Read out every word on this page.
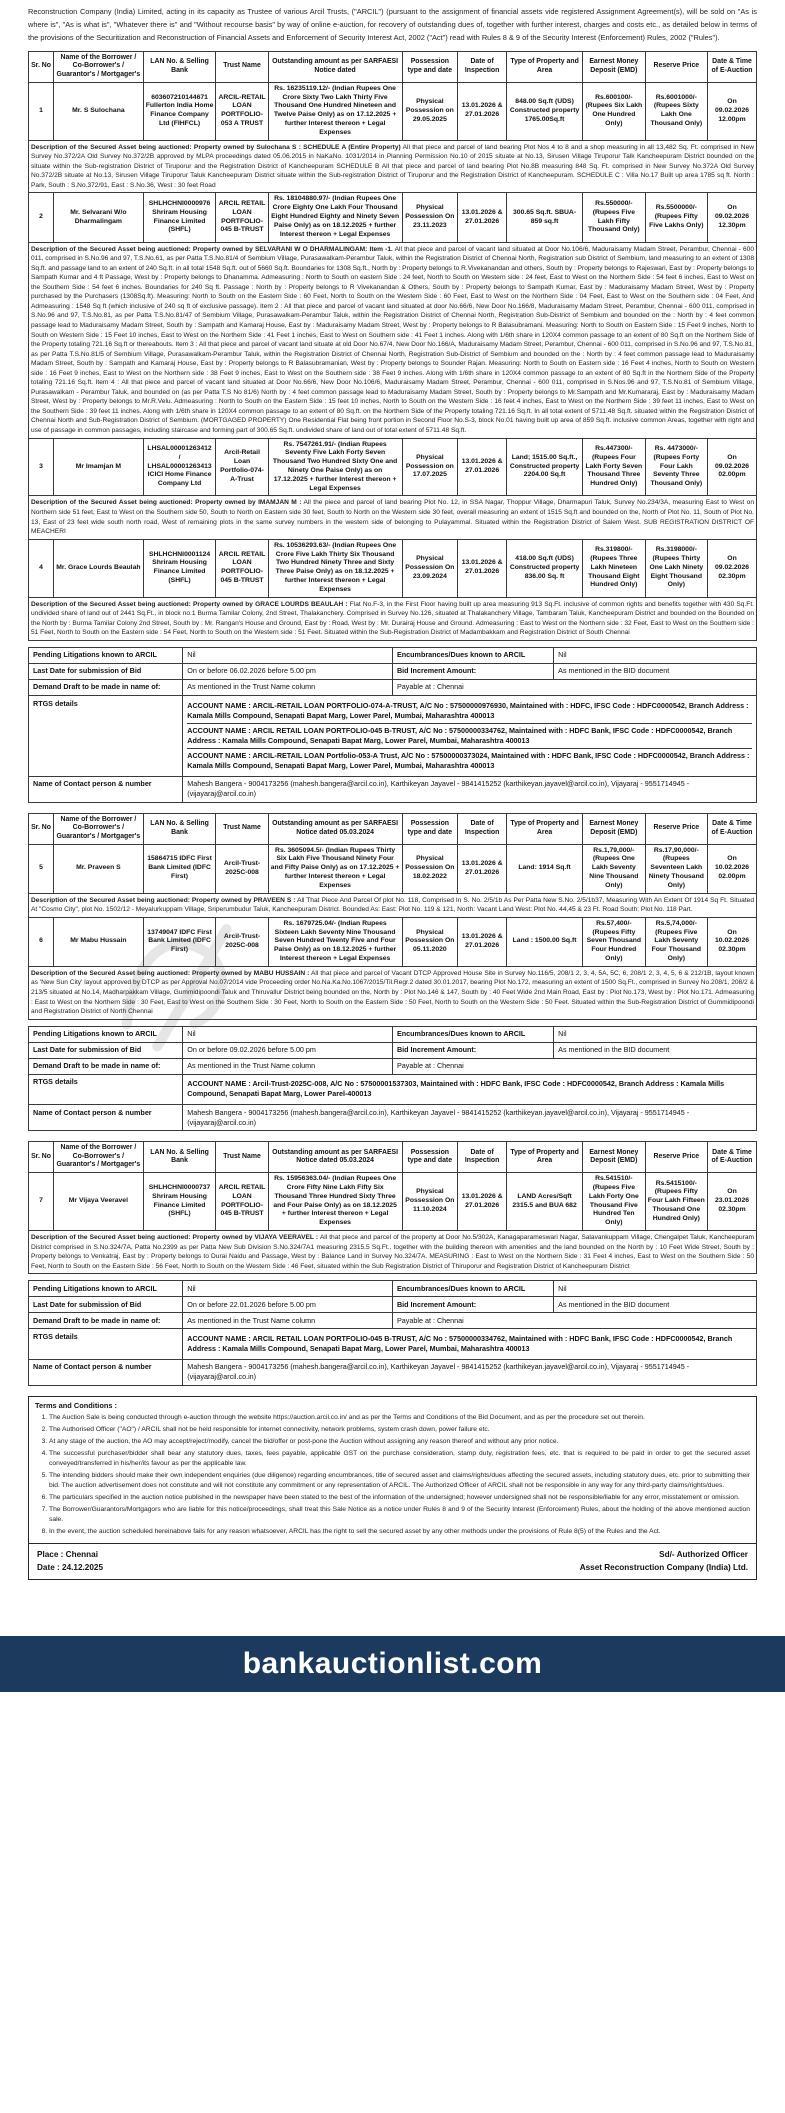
Reconstruction Company (India) Limited, acting in its capacity as Trustee of various Arcil Trusts, ("ARCIL") (pursuant to the assignment of financial assets vide registered Assignment Agreement(s), will be sold on "As is where is", "As is what is", "Whatever there is" and "Without recourse basis" by way of online e-auction, for recovery of outstanding dues of, together with further interest, charges and costs etc., as detailed below in terms of the provisions of the Securitization and Reconstruction of Financial Assets and Enforcement of Security Interest Act, 2002 ("Act") read with Rules 8 & 9 of the Security Interest (Enforcement) Rules, 2002 ("Rules").

Sr. No	Name of the Borrower / Co-Borrower's / Guarantor's / Mortgager's	LAN No. & Selling Bank	Trust Name	Outstanding amount as per SARFAESI Notice dated	Possession type and date	Date of Inspection	Type of Property and Area	Earnest Money Deposit (EMD)	Reserve Price	Date & Time of E-Auction
1	Mr. S Sulochana	603607210144671 Fullerton India Home Finance Company Ltd (FIHFCL)	ARCIL-RETAIL LOAN PORTFOLIO-053 A TRUST	Rs. 16235119.12/- (Indian Rupees One Crore Sixty Two Lakh Thirty Five Thousand One Hundred Nineteen and Twelve Paise Only) as on 17.12.2025 + further Interest thereon + Legal Expenses	Physical Possession on 29.05.2025	13.01.2026 & 27.01.2026	848.00 Sq.ft (UDS) Constructed property 1765.00Sq.ft	Rs.600100/- (Rupees Six Lakh One Hundred Only)	Rs.6001000/- (Rupees Sixty Lakh One Thousand Only)	On 09.02.2026 12.00pm
Description of the Secured Asset being auctioned: Property owned by Sulochana S : SCHEDULE A (Entire Property) All that piece and parcel of land bearing Plot Nos 4 to 8 and a shop measuring in all 13,482 Sq. Ft. comprised in New Survey No.372/2A Old Survey No.372/2B approved by MLPA proceedings dated 05.06.2015 in NaKaNo. 1031/2014 in Planning Permission No.10 of 2015 situate at No.13, Sirusen Village Tiruporur Talk Kancheepuram District bounded on the situate within the Sub-registration District of Tiruporur and the Registration District of Kancheepuram SCHEDULE B All that piece and parcel of land bearing Plot No.8B measuring 848 Sq. Ft. comprised in New Survey No.372A Old Survey No.372/2B situate at No.13, Sirusen Village Tiruporur Taluk Kancheepuram District situate within the Sub-registration District of Tiruporur and the Registration District of Kancheepuram. SCHEDULE C : Villa No.17 Built up area 1785 sq ft. North : Park, South : S.No.372/91, East : S.No.36, West : 30 feet Road										
2	Mr. Selvarani W/o Dharmalingam	SHLHCHNI0000976 Shriram Housing Finance Limited (SHFL)	ARCIL RETAIL LOAN PORTFOLIO-045 B-TRUST	Rs. 18104880.97/- (Indian Rupees One Crore Eighty One Lakh Four Thousand Eight Hundred Eighty and Ninety Seven Paise Only) as on 18.12.2025 + further Interest thereon + Legal Expenses	Physical Possession On 23.11.2023	13.01.2026 & 27.01.2026	300.65 Sq.ft. SBUA-859 sq.ft	Rs.550000/- (Rupees Five Lakh Fifty Thousand Only)	Rs.5500000/- (Rupees Fifty Five Lakhs Only)	On 09.02.2026 12.30pm
Description of the Secured Asset being auctioned: Property owned by SELVARANI W O DHARMALINGAM: Item -1. All that piece and parcel of vacant land situated at Door No.106/6, Maduraisamy Madam Street, Perambur, Chennai - 600 011, comprised in S.No.96 and 97, T.S.No.61, as per Patta T.S.No.81/4 of Sembium Village, Purasawalkam-Perambur Taluk, within the Registration District of Chennai North, Registration sub District of Sembium, land measuring to an extent of 1308 Sq.ft. and passage land to an extent of 240 Sq.ft. in all total 1548 Sq.ft. out of 5660 Sq.ft. Boundaries for 1308 Sq.ft., North by : Property belongs to R.Vivekanandan and others, South by : Property belongs to Rajeswari, East by : Property belongs to Sampath Kumar and 4 ft Passage, West by : Property belongs to Dhanamma. Admeasuring : North to South on eastern Side : 24 feet, North to South on Western side : 24 feet, East to West on the Northern Side : 54 feet 6 inches, East to West on the Southern Side : 54 feet 6 inches. Boundaries for 240 Sq ft. Passage : North by : Property belongs to R Vivekanandan & Others, South by : Property belongs to Sampath Kumar, East by : Maduraisamy Madam Street, West by : Property purchased by the Purchasers (1308Sq.ft). Measuring: North to South on the Eastern Side : 60 Feet, North to South on the Western Side : 60 Feet, East to West on the Northern Side : 04 Feet, East to West on the Southern side : 04 Feet, And Admeasuring : 1548 Sq ft (which inclusive of 240 sq ft of exclusive passage). Item 2 : All that piece and parcel of vacant land situated at door No.66/6, New Door No.166/8, Maduraisamy Madam Street, Perambur, Chennai - 600 011, comprised in S.No.96 and 97, T.S.No.81, as per Patta T.S.No.81/47 of Sembium Village, Purasawalkam-Perambur Taluk, within the Registration District of Chennai North, Registration Sub-District of Sembium and bounded on the : North by : 4 feet common passage lead to Maduraisamy Madam Street, South by : Sampath and Kamaraj House, East by : Maduraisamy Madam Street, West by : Property belongs to R Balasubramani. Measuring: North to South on Eastern Side : 15 Feet 9 inches, North to South on Western Side : 15 Feet 10 inches, East to West on the Northern Side : 41 Feet 1 inches, East to West on Southern side : 41 Feet 1 inches. Along with 1/6th share in 120X4 common passage to an extent of 80 Sq.ft on the Northern Side of the Property totaling 721.16 Sq.ft or thereabouts. Item 3 : All that piece and parcel of vacant land situate at old Door No.67/4, New Door No.166/A, Maduraisamy Madam Street, Perambur, Chennai - 600 011, comprised in S.No.96 and 97, T.S.No.81, as per Patta T.S.No.81/5 of Sembium Village, Purasawalkam-Perambur Taluk, within the Registration District of Chennai North, Registration Sub-District of Sembium and bounded on the : North by : 4 feet common passage lead to Maduraisamy Madam Street, South by : Sampath and Kamaraj House, East by : Property belongs to R Balasubramanian, West by : Property belongs to Sounder Rajan. Measuring: North to South on Eastern side : 16 Feet 4 inches, North to South on Western side : 16 Feet 9 inches, East to West on the Northern side : 38 Feet 9 inches, East to West on the Southern side : 38 Feet 9 inches. Along with 1/6th share in 120X4 common passage to an extent of 80 Sq.ft in the Northern Side of the Property totaling 721.16 Sq.ft. Item 4 : All that piece and parcel of vacant land situated at Door No.66/6, New Door No.106/6, Maduraisamy Madam Street, Perambur, Chennai - 600 011, comprised in S.Nos.96 and 97, T.S.No.81 of Sembium Village, Purasawalkam - Perambur Taluk, and bounded on (as per Patta T.S No 81/6) North by : 4 feet common passage lead to Maduraisamy Madam Street, South by : Property belongs to Mr.Sampath and Mr.Kumararaj, East by : Maduraisamy Madam Street, West by : Property belongs to Mr.R.Velu. Admeasuring : North to South on the Eastern Side : 15 feet 10 inches, North to South on the Western Side : 16 feet 4 inches, East to West on the Northern Side : 39 feet 11 inches, East to West on the Southern Side : 39 feet 11 inches. Along with 1/6th share in 120X4 common passage to an extent of 80 Sq.ft. on the Northern Side of the Property totaling 721.16 Sq.ft. In all total extent of 5711.48 Sq.ft. situated within the Registration District of Chennai North and Sub-Registration District of Sembium. (MORTGAGED PROPERTY) One Residential Flat being front portion in Second Floor No.S-3, block No.01 having built up area of 859 Sq.ft. inclusive common Areas, together with right and use of passage in common passages, including staircase and forming part of 300.65 Sq.ft. undivided share of land out of total extent of 5711.48 Sq.ft.										
3	Mr Imamjan M	LHSAL00001263412 / LHSAL00001263413 ICICI Home Finance Company Ltd	Arcil-Retail Loan Portfolio-074-A-Trust	Rs. 7547261.91/- (Indian Rupees Seventy Five Lakh Forty Seven Thousand Two Hundred Sixty One and Ninety One Paise Only) as on 17.12.2025 + further Interest thereon + Legal Expenses	Physical Possession on 17.07.2025	13.01.2026 & 27.01.2026	Land; 1515.00 Sq.ft., Constructed property 2204.00 Sq.ft	Rs.447300/- (Rupees Four Lakh Forty Seven Thousand Three Hundred Only)	Rs. 4473000/- (Rupees Forty Four Lakh Seventy Three Thousand Only)	On 09.02.2026 02.00pm
Description of the Secured Asset being auctioned: Property owned by IMAMJAN M : All the piece and parcel of land bearing Plot No. 12, in SSA Nagar, Thoppur Village, Dharmapuri Taluk, Survey No.234/3A, measuring East to West on Northern side 51 feet, East to West on the Southern side 50, South to North on Eastern side 30 feet, South to North on the Western side 30 feet, overall measuring an extent of 1515 Sq.ft and bounded on the, North of Plot No. 11, South of Plot No. 13, East of 23 feet wide south north road, West of remaining plots in the same survey numbers in the western side of belonging to Pulayammal. Situated within the Registration District of Salem West. SUB REGISTRATION DISTRICT OF MEACHERI										
4	Mr. Grace Lourds Beaulah	SHLHCHNI0001124 Shriram Housing Finance Limited (SHFL)	ARCIL RETAIL LOAN PORTFOLIO-045 B-TRUST	Rs. 10536293.63/- (Indian Rupees One Crore Five Lakh Thirty Six Thousand Two Hundred Ninety Three and Sixty Three Paise Only) as on 18.12.2025 + further Interest thereon + Legal Expenses	Physical Possession On 23.09.2024	13.01.2026 & 27.01.2026	418.00 Sq.ft (UDS) Constructed property 836.00 Sq. ft	Rs.319800/- (Rupees Three Lakh Nineteen Thousand Eight Hundred Only)	Rs.3198000/- (Rupees Thirty One Lakh Ninety Eight Thousand Only)	On 09.02.2026 02.30pm
Description of the Secured Asset being auctioned: Property owned by GRACE LOURDS BEAULAH : Flat No.F-3, in the First Floor having built up area measuring 913 Sq.Ft. inclusive of common rights and benefits together with 430 Sq.Ft. undivided share of land out of 2441 Sq.Ft., in block no.1 Burma Tamilar Colony, 2nd Street, Thalakanchery. Comprised in Survey No.126, situated at Thalakanchery Village, Tambaram Taluk, Kancheepuram District and bounded on the Bounded on the North by : Burma Tamilar Colony 2nd Street, South by : Mr. Rangan's House and Ground, East by : Road, West by : Mr. Durairaj House and Ground. Admeasuring : East to West on the Northern side : 32 Feet, East to West on the Southern side : 51 Feet, North to South on the Eastern side : 54 Feet, North to South on the Western side : 51 Feet. Situated within the Sub-Registration District of Madambakkam and Registration District of South Chennai										
Pending Litigations known to ARCIL	Nil	Encumbrances/Dues known to ARCIL	Nil
Last Date for submission of Bid	On or before 06.02.2026 before 5.00 pm	Bid Increment Amount:	As mentioned in the BID document
Demand Draft to be made in name of:	As mentioned in the Trust Name column	Payable at : Chennai	
RTGS details	ACCOUNT NAME : ARCIL-RETAIL LOAN PORTFOLIO-074-A-TRUST, A/C No : 57500000976930, Maintained with : HDFC, IFSC Code : HDFC0000542, Branch Address : Kamala Mills Compound, Senapati Bapat Marg, Lower Parel, Mumbai, Maharashtra 400013
ACCOUNT NAME : ARCIL RETAIL LOAN PORTFOLIO-045 B-TRUST, A/C No : 57500000334762, Maintained with : HDFC Bank, IFSC Code : HDFC0000542, Branch Address : Kamala Mills Compound, Senapati Bapat Marg, Lower Parel, Mumbai, Maharashtra 400013
ACCOUNT NAME : ARCIL-RETAIL LOAN Portfolio-053-A Trust, A/C No : 57500000373024, Maintained with : HDFC Bank, IFSC Code : HDFC0000542, Branch Address : Kamala Mills Compound, Senapati Bapat Marg, Lower Parel, Mumbai, Maharashtra 400013		

Name of Contact person & number	Mahesh Bangera - 9004173256 (mahesh.bangera@arcil.co.in), Karthikeyan Jayavel - 9841415252 (karthikeyan.jayavel@arcil.co.in), Vijayaraj - 9551714945 - (vijayaraj@arcil.co.in)		
Sr. No	Name of the Borrower / Co-Borrower's / Guarantor's / Mortgager's	LAN No. & Selling Bank	Trust Name	Outstanding amount as per SARFAESI Notice dated 05.03.2024	Possession type and date	Date of Inspection	Type of Property and Area	Earnest Money Deposit (EMD)	Reserve Price	Date & Time of E-Auction
5	Mr. Praveen S	15864715 IDFC First Bank Limited (IDFC First)	Arcil-Trust-2025C-008	Rs. 3605094.5/- (Indian Rupees Thirty Six Lakh Five Thousand Ninety Four and Fifty Paise Only) as on 17.12.2025 + further Interest thereon + Legal Expenses	Physical Possession On 18.02.2022	13.01.2026 & 27.01.2026	Land: 1914 Sq.ft	Rs.1,79,000/- (Rupees One Lakh Seventy Nine Thousand Only)	Rs.17,90,000/- (Rupees Seventeen Lakh Ninety Thousand Only)	On 10.02.2026 02.00pm
Description of the Secured Asset being auctioned: Property owned by PRAVEEN S : All That Piece And Parcel Of plot No. 118, Comprised In S. No. 2/5/1b As Per Patta New S.No. 2/5/1b37, Measuring With An Extent Of 1914 Sq Ft. Situated At "Cosmo City", plot No. 1502/12 - Meyalurkuppam Village, Sriperumbudur Taluk, Kancheepuram District. Bounded As: East: Plot No. 119 & 121, North: Vacant Land West: Plot No. 44,45 & 23 Ft. Road South: Plot No. 118 Part.										
6	Mr Mabu Hussain	13749047 IDFC First Bank Limited (IDFC First)	Arcil-Trust-2025C-008	Rs. 1679725.04/- (Indian Rupees Sixteen Lakh Seventy Nine Thousand Seven Hundred Twenty Five and Four Paise Only) as on 18.12.2025 + further Interest thereon + Legal Expenses	Physical Possession On 05.11.2020	13.01.2026 & 27.01.2026	Land : 1500.00 Sq.ft	Rs.57,400/- (Rupees Fifty Seven Thousand Four Hundred Only)	Rs.5,74,000/- (Rupees Five Lakh Seventy Four Thousand Only)	On 10.02.2026 02.30pm
Description of the Secured Asset being auctioned: Property owned by MABU HUSSAIN : All that piece and parcel of Vacant DTCP Approved House Site in Survey No.116/5, 208/1 2, 3, 4, 5A, 5C, 6, 208/1 2, 3, 4, 5, 6 & 212/1B, layout known as 'New Sun City' layout approved by DTCP as per Approval No.07/2014 vide Proceeding order No.Na.Ka.No.1067/2015/Til.Regr.2 dated 30.01.2017, bearing Plot No.172, measuring an extent of 1500 Sq.Ft., comprised in Survey No.208/1, 208/2 & 213/5 situated at No.14, Madharpakkam Village, Gummidipoondi Taluk and Thiruvallur District being bounded on the, North by : Plot No.146 & 147, South by : 40 Feet Wide 2nd Main Road, East by : Plot No.173, West by : Plot No.171. Admeasuring : East to West on the Northern Side : 30 Feet, East to West on the Southern Side : 30 Feet, North to South on the Eastern Side : 50 Feet, North to South on the Western Side : 50 Feet. Situated within the Sub-Registration District of Gummidipoondi and Registration District of North Chennai										
Pending Litigations known to ARCIL	Nil	Encumbrances/Dues known to ARCIL	Nil
Last Date for submission of Bid	On or before 09.02.2026 before 5.00 pm	Bid Increment Amount:	As mentioned in the BID document
Demand Draft to be made in name of:	As mentioned in the Trust Name column	Payable at : Chennai	
RTGS details	ACCOUNT NAME : Arcil-Trust-2025C-008, A/C No : 57500001537303, Maintained with : HDFC Bank, IFSC Code : HDFC0000542, Branch Address : Kamala Mills Compound, Senapati Bapat Marg, Lower Parel-400013		

Name of Contact person & number	Mahesh Bangera - 9004173256 (mahesh.bangera@arcil.co.in), Karthikeyan Jayavel - 9841415252 (karthikeyan.jayavel@arcil.co.in), Vijayaraj - 9551714945 - (vijayaraj@arcil.co.in)		
Sr. No	Name of the Borrower / Co-Borrower's / Guarantor's / Mortgager's	LAN No. & Selling Bank	Trust Name	Outstanding amount as per SARFAESI Notice dated 05.03.2024	Possession type and date	Date of Inspection	Type of Property and Area	Earnest Money Deposit (EMD)	Reserve Price	Date & Time of E-Auction
7	Mr Vijaya Veeravel	SHLHCHNI0000737 Shriram Housing Finance Limited (SHFL)	ARCIL RETAIL LOAN PORTFOLIO-045 B-TRUST	Rs. 15956363.04/- (Indian Rupees One Crore Fifty Nine Lakh Fifty Six Thousand Three Hundred Sixty Three and Four Paise Only) as on 18.12.2025 + further Interest thereon + Legal Expenses	Physical Possession On 11.10.2024	13.01.2026 & 27.01.2026	LAND Acres/Sqft 2315.5 and BUA 682	Rs.541510/- (Rupees Five Lakh Forty One Thousand Five Hundred Ten Only)	Rs.5415100/- (Rupees Fifty Four Lakh Fifteen Thousand One Hundred Only)	On 23.01.2026 02.30pm
Description of the Secured Asset being auctioned: Property owned by VIJAYA VEERAVEL : All that piece and parcel of the property at Door No.5/302A, Kanagaparameswari Nagar, Salavankuppam Village, Chengalpet Taluk, Kancheepuram District comprised in S.No.324/7A, Patta No.2399 as per Patta New Sub Division S.No.324/7A1 measuring 2315.5 Sq.Ft., together with the building thereon with amenities and the land bounded on the North by : 10 Feet Wide Street, South by : Property belongs to Venkatraj, East by : Property belongs to Durai Naidu and Passage, West by : Balance Land in Survey No.324/7A. MEASURING : East to West on the Northern Side : 31 Feet 4 inches, East to West on the Southern Side : 50 Feet, North to South on the Eastern Side : 56 Feet, North to South on the Western Side : 46 Feet, situated within the Sub Registration District of Thiruporur and Registration District of Kancheepuram District										
Pending Litigations known to ARCIL	Nil	Encumbrances/Dues known to ARCIL	Nil
Last Date for submission of Bid	On or before 22.01.2026 before 5.00 pm	Bid Increment Amount:	As mentioned in the BID document
Demand Draft to be made in name of:	As mentioned in the Trust Name column	Payable at : Chennai	
RTGS details	ACCOUNT NAME : ARCIL RETAIL LOAN PORTFOLIO-045 B-TRUST, A/C No : 57500000334762, Maintained with : HDFC Bank, IFSC Code : HDFC0000542, Branch Address : Kamala Mills Compound, Senapati Bapat Marg, Lower Parel, Mumbai, Maharashtra 400013		

Name of Contact person & number	Mahesh Bangera - 9004173256 (mahesh.bangera@arcil.co.in), Karthikeyan Jayavel - 9841415252 (karthikeyan.jayavel@arcil.co.in), Vijayaraj - 9551714945 - (vijayaraj@arcil.co.in)		

Terms and Conditions :

1. The Auction Sale is being conducted through e-auction through the website https://auction.arcil.co.in/ and as per the Terms and Conditions of the Bid Document, and as per the procedure set out therein.
2. The Authorised Officer ("AO") / ARCIL shall not be held responsible for internet connectivity, network problems, system crash down, power failure etc.
3. At any stage of the auction, the AO may accept/reject/modify, cancel the bid/offer or post-pone the Auction without assigning any reason thereof and without any prior notice.
4. The successful purchaser/bidder shall bear any statutory dues, taxes, fees payable, applicable GST on the purchase consideration, stamp duty, registration fees, etc. that is required to be paid in order to get the secured asset conveyed/transferred in his/her/its favour as per the applicable law.
5. The intending bidders should make their own independent enquiries (due diligence) regarding encumbrances, title of secured asset and claims/rights/dues affecting the secured assets, including statutory dues, etc. prior to submitting their bid. The auction advertisement does not constitute and will not constitute any commitment or any representation of ARCIL. The Authorized Officer of ARCIL shall not be responsible in any way for any third-party claims/rights/dues.
6. The particulars specified in the auction notice published in the newspaper have been stated to the best of the information of the undersigned; however undersigned shall not be responsible/liable for any error, misstatement or omission.
7. The Borrower/Guarantors/Mortgagors who are liable for this notice/proceedings, shall treat this Sale Notice as a notice under Rules 8 and 9 of the Security Interest (Enforcement) Rules, about the holding of the above mentioned auction sale.
8. In the event, the auction scheduled hereinabove fails for any reason whatsoever, ARCIL has the right to sell the secured asset by any other methods under the provisions of Rule 8(5) of the Rules and the Act.
Place : Chennai
Date : 24.12.2025
Sd/- Authorized Officer
Asset Reconstruction Company (India) Ltd.
bankauctionlist.com
